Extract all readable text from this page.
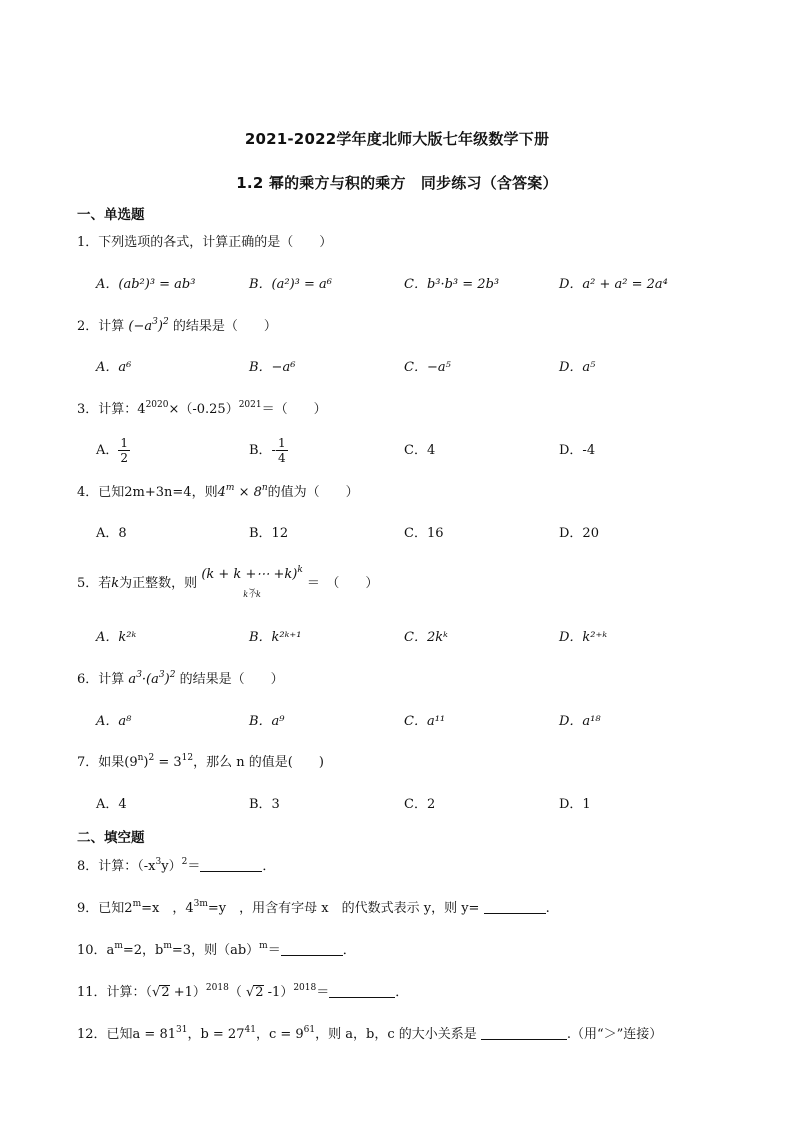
2021-2022学年度北师大版七年级数学下册
1.2 幂的乘方与积的乘方　同步练习（含答案）
一、单选题
1．下列选项的各式，计算正确的是（　　）
A．(ab²)³ = ab³	B．(a²)³ = a⁶	C．b³·b³ = 2b³	D．a² + a² = 2a⁴
2．计算 $(-a^3)^2$ 的结果是（　　）
A．a⁶	B．−a⁶	C．−a⁵	D．a⁵
3．计算：$4^{2020}\times(-0.25)^{2021}=$（　　）
A． $\frac{1}{2}$	B．- $\frac{1}{4}$	C．4	D．-4
4．已知2m+3n=4，则$4^m \times 8^n$的值为（　　）
A．8	B．12	C．16	D．20
5．若k为正整数，则
(k + k +⋯ +k)$^k$
⏟
k个k
＝　（　　）
A．k²ᵏ	B．k²ᵏ⁺¹	C．2kᵏ	D．k²⁺ᵏ
6．计算 $a^3\cdot(a^3)^2$ 的结果是（　　）
A．a⁸	B．a⁹	C．a¹¹	D．a¹⁸
7．如果$(9^n)^2 = 3^{12}$，那么 n 的值是(　　)
A．4	B．3	C．2	D．1
二、填空题
8．计算：$(-x^3y)^2=$	．
9．已知$2^m=x$　，$4^{3m}=y$　，用含有字母 x　的代数式表示 y，则 y=	.
10．$a^m=2$，$b^m=3$，则（ab）$^m$＝	．
11．计算：$(√2 +1)^{2018}$（ √2 -1）$^{2018}$＝	．
12．已知$a = 81^{31}$，$b = 27^{41}$，$c = 9^{61}$，则 a，b，c 的大小关系是	.（用“＞”连接）
